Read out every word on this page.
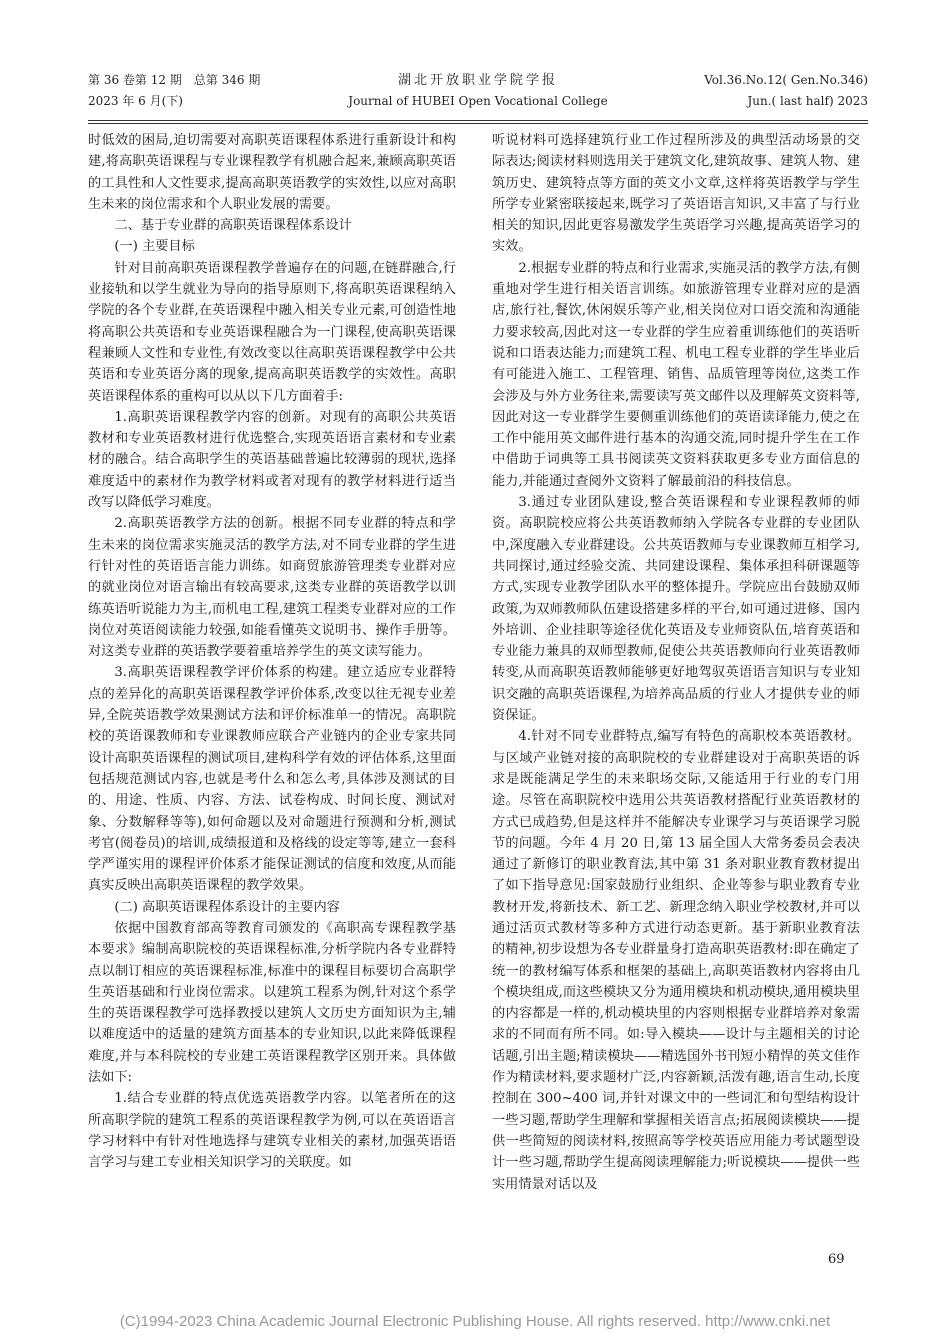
第 36 卷第 12 期　总第 346 期
2023 年 6 月(下)
湖北开放职业学院学报
Journal of HUBEI Open Vocational College
Vol.36.No.12( Gen.No.346)
Jun.( last half) 2023

时低效的困局,迫切需要对高职英语课程体系进行重新设计和构建,将高职英语课程与专业课程教学有机融合起来,兼顾高职英语的工具性和人文性要求,提高高职英语教学的实效性,以应对高职生未来的岗位需求和个人职业发展的需要。

二、基于专业群的高职英语课程体系设计

(一) 主要目标

针对目前高职英语课程教学普遍存在的问题,在链群融合,行业接轨和以学生就业为导向的指导原则下,将高职英语课程纳入学院的各个专业群,在英语课程中融入相关专业元素,可创造性地将高职公共英语和专业英语课程融合为一门课程,使高职英语课程兼顾人文性和专业性,有效改变以往高职英语课程教学中公共英语和专业英语分离的现象,提高高职英语教学的实效性。高职英语课程体系的重构可以从以下几方面着手:

1.高职英语课程教学内容的创新。对现有的高职公共英语教材和专业英语教材进行优选整合,实现英语语言素材和专业素材的融合。结合高职学生的英语基础普遍比较薄弱的现状,选择难度适中的素材作为教学材料或者对现有的教学材料进行适当改写以降低学习难度。

2.高职英语教学方法的创新。根据不同专业群的特点和学生未来的岗位需求实施灵活的教学方法,对不同专业群的学生进行针对性的英语语言能力训练。如商贸旅游管理类专业群对应的就业岗位对语言输出有较高要求,这类专业群的英语教学以训练英语听说能力为主,而机电工程,建筑工程类专业群对应的工作岗位对英语阅读能力较强,如能看懂英文说明书、操作手册等。对这类专业群的英语教学要着重培养学生的英文读写能力。

3.高职英语课程教学评价体系的构建。建立适应专业群特点的差异化的高职英语课程教学评价体系,改变以往无视专业差异,全院英语教学效果测试方法和评价标准单一的情况。高职院校的英语课教师和专业课教师应联合产业链内的企业专家共同设计高职英语课程的测试项目,建构科学有效的评估体系,这里面包括规范测试内容,也就是考什么和怎么考,具体涉及测试的目的、用途、性质、内容、方法、试卷构成、时间长度、测试对象、分数解释等等),如何命题以及对命题进行预测和分析,测试考官(阅卷员)的培训,成绩报道和及格线的设定等等,建立一套科学严谨实用的课程评价体系才能保证测试的信度和效度,从而能真实反映出高职英语课程的教学效果。

(二) 高职英语课程体系设计的主要内容

依据中国教育部高等教育司颁发的《高职高专课程教学基本要求》编制高职院校的英语课程标准,分析学院内各专业群特点以制订相应的英语课程标准,标准中的课程目标要切合高职学生英语基础和行业岗位需求。以建筑工程系为例,针对这个系学生的英语课程教学可选择教授以建筑人文历史方面知识为主,辅以难度适中的适量的建筑方面基本的专业知识,以此来降低课程难度,并与本科院校的专业建工英语课程教学区别开来。具体做法如下:

1.结合专业群的特点优选英语教学内容。以笔者所在的这所高职学院的建筑工程系的英语课程教学为例,可以在英语语言学习材料中有针对性地选择与建筑专业相关的素材,加强英语语言学习与建工专业相关知识学习的关联度。如

听说材料可选择建筑行业工作过程所涉及的典型活动场景的交际表达;阅读材料则选用关于建筑文化,建筑故事、建筑人物、建筑历史、建筑特点等方面的英文小文章,这样将英语教学与学生所学专业紧密联接起来,既学习了英语语言知识,又丰富了与行业相关的知识,因此更容易激发学生英语学习兴趣,提高英语学习的实效。

2.根据专业群的特点和行业需求,实施灵活的教学方法,有侧重地对学生进行相关语言训练。如旅游管理专业群对应的是酒店,旅行社,餐饮,休闲娱乐等产业,相关岗位对口语交流和沟通能力要求较高,因此对这一专业群的学生应着重训练他们的英语听说和口语表达能力;而建筑工程、机电工程专业群的学生毕业后有可能进入施工、工程管理、销售、品质管理等岗位,这类工作会涉及与外方业务往来,需要读写英文邮件以及理解英文资料等,因此对这一专业群学生要侧重训练他们的英语读译能力,使之在工作中能用英文邮件进行基本的沟通交流,同时提升学生在工作中借助于词典等工具书阅读英文资料获取更多专业方面信息的能力,并能通过查阅外文资料了解最前沿的科技信息。

3.通过专业团队建设,整合英语课程和专业课程教师的师资。高职院校应将公共英语教师纳入学院各专业群的专业团队中,深度融入专业群建设。公共英语教师与专业课教师互相学习,共同探讨,通过经验交流、共同建设课程、集体承担科研课题等方式,实现专业教学团队水平的整体提升。学院应出台鼓励双师政策,为双师教师队伍建设搭建多样的平台,如可通过进修、国内外培训、企业挂职等途径优化英语及专业师资队伍,培育英语和专业能力兼具的双师型教师,促使公共英语教师向行业英语教师转变,从而高职英语教师能够更好地驾驭英语语言知识与专业知识交融的高职英语课程,为培养高品质的行业人才提供专业的师资保证。

4.针对不同专业群特点,编写有特色的高职校本英语教材。与区域产业链对接的高职院校的专业群建设对于高职英语的诉求是既能满足学生的未来职场交际,又能适用于行业的专门用途。尽管在高职院校中选用公共英语教材搭配行业英语教材的方式已成趋势,但是这样并不能解决专业课学习与英语课学习脱节的问题。今年 4 月 20 日,第 13 届全国人大常务委员会表决通过了新修订的职业教育法,其中第 31 条对职业教育教材提出了如下指导意见:国家鼓励行业组织、企业等参与职业教育专业教材开发,将新技术、新工艺、新理念纳入职业学校教材,并可以通过活页式教材等多种方式进行动态更新。基于新职业教育法的精神,初步设想为各专业群量身打造高职英语教材:即在确定了统一的教材编写体系和框架的基础上,高职英语教材内容将由几个模块组成,而这些模块又分为通用模块和机动模块,通用模块里的内容都是一样的,机动模块里的内容则根据专业群培养对象需求的不同而有所不同。如:导入模块——设计与主题相关的讨论话题,引出主题;精读模块——精选国外书刊短小精悍的英文佳作作为精读材料,要求题材广泛,内容新颖,活泼有趣,语言生动,长度控制在 300~400 词,并针对课文中的一些词汇和句型结构设计一些习题,帮助学生理解和掌握相关语言点;拓展阅读模块——提供一些简短的阅读材料,按照高等学校英语应用能力考试题型设计一些习题,帮助学生提高阅读理解能力;听说模块——提供一些实用情景对话以及

69
(C)1994-2023 China Academic Journal Electronic Publishing House. All rights reserved. http://www.cnki.net
